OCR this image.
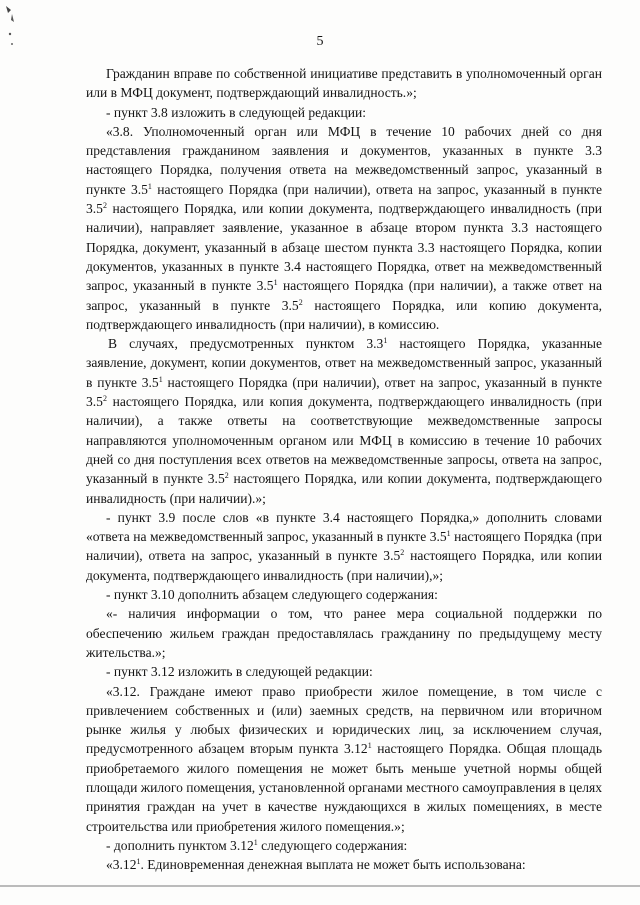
5

Гражданин вправе по собственной инициативе представить в уполномоченный орган или в МФЦ документ, подтверждающий инвалидность.»;

- пункт 3.8 изложить в следующей редакции:

«3.8. Уполномоченный орган или МФЦ в течение 10 рабочих дней со дня представления гражданином заявления и документов, указанных в пункте 3.3 настоящего Порядка, получения ответа на межведомственный запрос, указанный в пункте $3.5^1$ настоящего Порядка (при наличии), ответа на запрос, указанный в пункте $3.5^2$ настоящего Порядка, или копии документа, подтверждающего инвалидность (при наличии), направляет заявление, указанное в абзаце втором пункта 3.3 настоящего Порядка, документ, указанный в абзаце шестом пункта 3.3 настоящего Порядка, копии документов, указанных в пункте 3.4 настоящего Порядка, ответ на межведомственный запрос, указанный в пункте $3.5^1$ настоящего Порядка (при наличии), а также ответ на запрос, указанный в пункте $3.5^2$ настоящего Порядка, или копию документа, подтверждающего инвалидность (при наличии), в комиссию.

В случаях, предусмотренных пунктом $3.3^1$ настоящего Порядка, указанные заявление, документ, копии документов, ответ на межведомственный запрос, указанный в пункте $3.5^1$ настоящего Порядка (при наличии), ответ на запрос, указанный в пункте $3.5^2$ настоящего Порядка, или копия документа, подтверждающего инвалидность (при наличии), а также ответы на соответствующие межведомственные запросы направляются уполномоченным органом или МФЦ в комиссию в течение 10 рабочих дней со дня поступления всех ответов на межведомственные запросы, ответа на запрос, указанный в пункте $3.5^2$ настоящего Порядка, или копии документа, подтверждающего инвалидность (при наличии).»;

- пункт 3.9 после слов «в пункте 3.4 настоящего Порядка,» дополнить словами «ответа на межведомственный запрос, указанный в пункте $3.5^1$ настоящего Порядка (при наличии), ответа на запрос, указанный в пункте $3.5^2$ настоящего Порядка, или копии документа, подтверждающего инвалидность (при наличии),»;

- пункт 3.10 дополнить абзацем следующего содержания:

«- наличия информации о том, что ранее мера социальной поддержки по обеспечению жильем граждан предоставлялась гражданину по предыдущему месту жительства.»;

- пункт 3.12 изложить в следующей редакции:

«3.12. Граждане имеют право приобрести жилое помещение, в том числе с привлечением собственных и (или) заемных средств, на первичном или вторичном рынке жилья у любых физических и юридических лиц, за исключением случая, предусмотренного абзацем вторым пункта 3.12$^1$ настоящего Порядка. Общая площадь приобретаемого жилого помещения не может быть меньше учетной нормы общей площади жилого помещения, установленной органами местного самоуправления в целях принятия граждан на учет в качестве нуждающихся в жилых помещениях, в месте строительства или приобретения жилого помещения.»;

- дополнить пунктом 3.12$^1$ следующего содержания:

«3.12$^1$. Единовременная денежная выплата не может быть использована:
